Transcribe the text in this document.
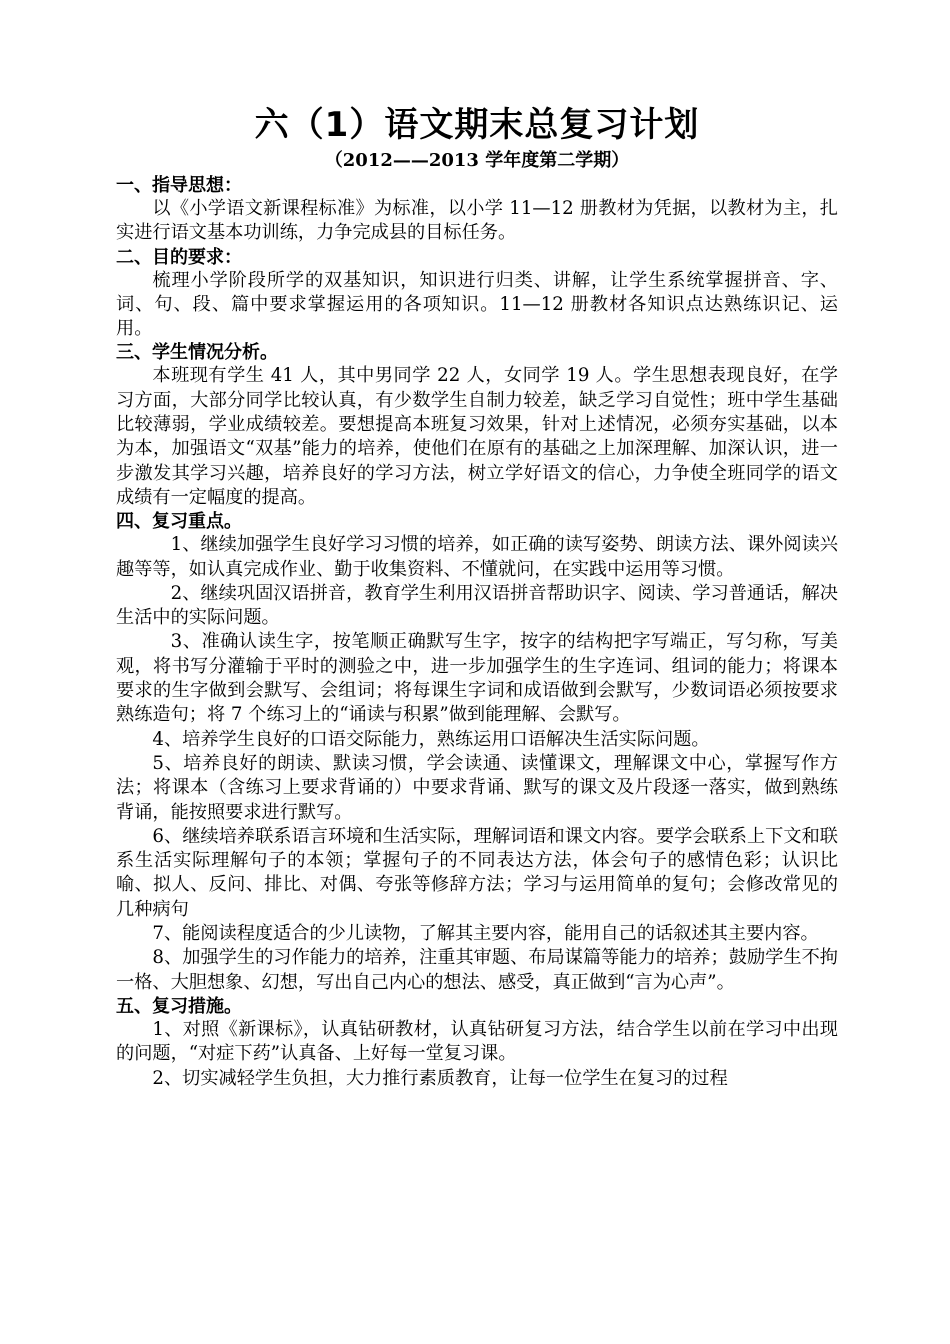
六（1）语文期末总复习计划
（2012——2013 学年度第二学期）
一、指导思想：

以《小学语文新课程标准》为标准，以小学 11—12 册教材为凭据，以教材为主，扎实进行语文基本功训练，力争完成县的目标任务。

二、目的要求：

梳理小学阶段所学的双基知识，知识进行归类、讲解，让学生系统掌握拼音、字、词、句、段、篇中要求掌握运用的各项知识。11—12 册教材各知识点达熟练识记、运用。

三、学生情况分析。

本班现有学生 41 人，其中男同学 22 人，女同学 19 人。学生思想表现良好，在学习方面，大部分同学比较认真，有少数学生自制力较差，缺乏学习自觉性；班中学生基础比较薄弱，学业成绩较差。要想提高本班复习效果，针对上述情况，必须夯实基础，以本为本，加强语文“双基”能力的培养，使他们在原有的基础之上加深理解、加深认识，进一步激发其学习兴趣，培养良好的学习方法，树立学好语文的信心，力争使全班同学的语文成绩有一定幅度的提高。

四、复习重点。

1、继续加强学生良好学习习惯的培养，如正确的读写姿势、朗读方法、课外阅读兴趣等等，如认真完成作业、勤于收集资料、不懂就问，在实践中运用等习惯。

2、继续巩固汉语拼音，教育学生利用汉语拼音帮助识字、阅读、学习普通话，解决生活中的实际问题。

3、准确认读生字，按笔顺正确默写生字，按字的结构把字写端正，写匀称，写美观，将书写分灌输于平时的测验之中，进一步加强学生的生字连词、组词的能力；将课本要求的生字做到会默写、会组词；将每课生字词和成语做到会默写，少数词语必须按要求熟练造句；将 7 个练习上的“诵读与积累”做到能理解、会默写。

4、培养学生良好的口语交际能力，熟练运用口语解决生活实际问题。

5、培养良好的朗读、默读习惯，学会读通、读懂课文，理解课文中心，掌握写作方法；将课本（含练习上要求背诵的）中要求背诵、默写的课文及片段逐一落实，做到熟练背诵，能按照要求进行默写。

6、继续培养联系语言环境和生活实际，理解词语和课文内容。要学会联系上下文和联系生活实际理解句子的本领；掌握句子的不同表达方法，体会句子的感情色彩；认识比喻、拟人、反问、排比、对偶、夸张等修辞方法；学习与运用简单的复句；会修改常见的几种病句

7、能阅读程度适合的少儿读物，了解其主要内容，能用自己的话叙述其主要内容。

8、加强学生的习作能力的培养，注重其审题、布局谋篇等能力的培养；鼓励学生不拘一格、大胆想象、幻想，写出自己内心的想法、感受，真正做到“言为心声”。

五、复习措施。

1、对照《新课标》，认真钻研教材，认真钻研复习方法，结合学生以前在学习中出现的问题，“对症下药”认真备、上好每一堂复习课。

2、切实减轻学生负担，大力推行素质教育，让每一位学生在复习的过程
